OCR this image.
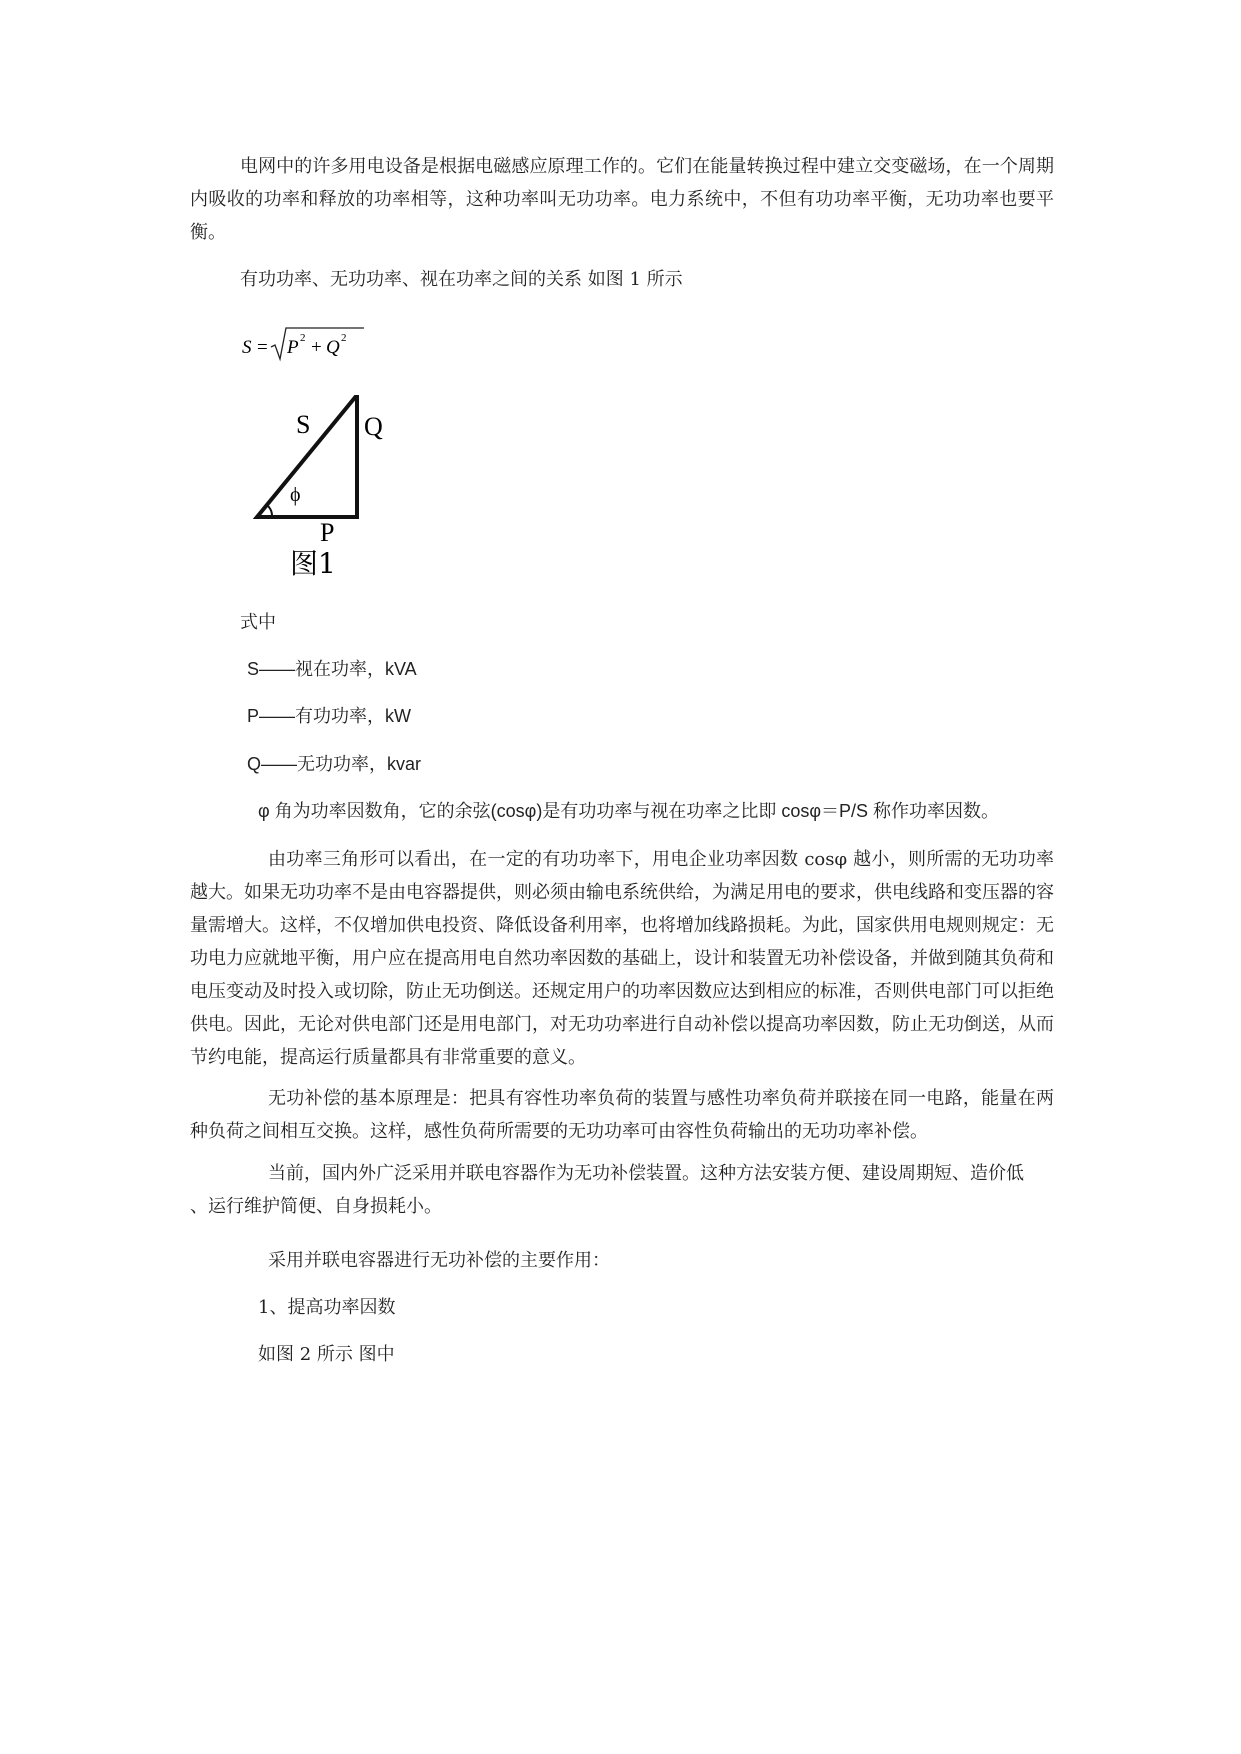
电网中的许多用电设备是根据电磁感应原理工作的。它们在能量转换过程中建立交变磁场，在一个周期内吸收的功率和释放的功率相等，这种功率叫无功功率。电力系统中，不但有功功率平衡，无功功率也要平衡。

有功功率、无功功率、视在功率之间的关系 如图 1 所示

S = P 2 + Q 2
S Q
ϕ
P
图1

式中

S——视在功率，kVA

P——有功功率，kW

Q——无功功率，kvar

φ 角为功率因数角，它的余弦(cosφ)是有功功率与视在功率之比即 cosφ＝P/S 称作功率因数。

由功率三角形可以看出，在一定的有功功率下，用电企业功率因数 cosφ 越小，则所需的无功功率越大。如果无功功率不是由电容器提供，则必须由输电系统供给，为满足用电的要求，供电线路和变压器的容量需增大。这样，不仅增加供电投资、降低设备利用率，也将增加线路损耗。为此，国家供用电规则规定：无功电力应就地平衡，用户应在提高用电自然功率因数的基础上，设计和装置无功补偿设备，并做到随其负荷和电压变动及时投入或切除，防止无功倒送。还规定用户的功率因数应达到相应的标准，否则供电部门可以拒绝供电。因此，无论对供电部门还是用电部门，对无功功率进行自动补偿以提高功率因数，防止无功倒送，从而节约电能，提高运行质量都具有非常重要的意义。

无功补偿的基本原理是：把具有容性功率负荷的装置与感性功率负荷并联接在同一电路，能量在两种负荷之间相互交换。这样，感性负荷所需要的无功功率可由容性负荷输出的无功功率补偿。

当前，国内外广泛采用并联电容器作为无功补偿装置。这种方法安装方便、建设周期短、造价低

、运行维护简便、自身损耗小。

采用并联电容器进行无功补偿的主要作用：

1、提高功率因数

如图 2 所示 图中
